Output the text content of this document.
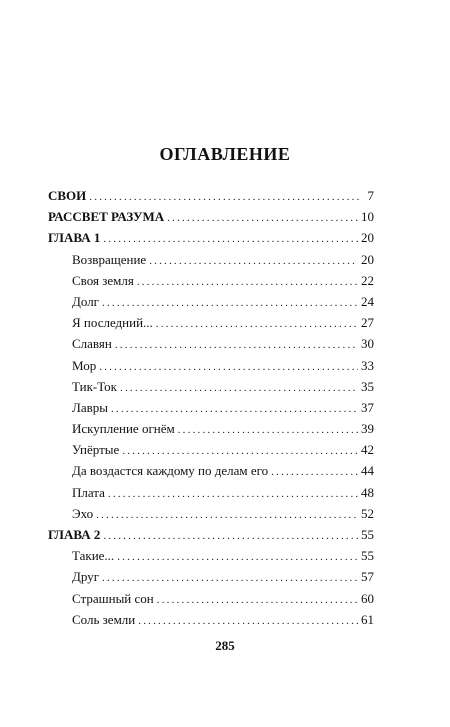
ОГЛАВЛЕНИЕ
СВОИ .....	7
РАССВЕТ РАЗУМА .....	10
ГЛАВА 1 .....	20
Возвращение .....	20
Своя земля .....	22
Долг .....	24
Я последний... .....	27
Славян .....	30
Мор .....	33
Тик-Ток .....	35
Лавры .....	37
Искупление огнём .....	39
Упёртые .....	42
Да воздастся каждому по делам его .....	44
Плата .....	48
Эхо .....	52
ГЛАВА 2 .....	55
Такие... .....	55
Друг .....	57
Страшный сон .....	60
Соль земли .....	61
285
